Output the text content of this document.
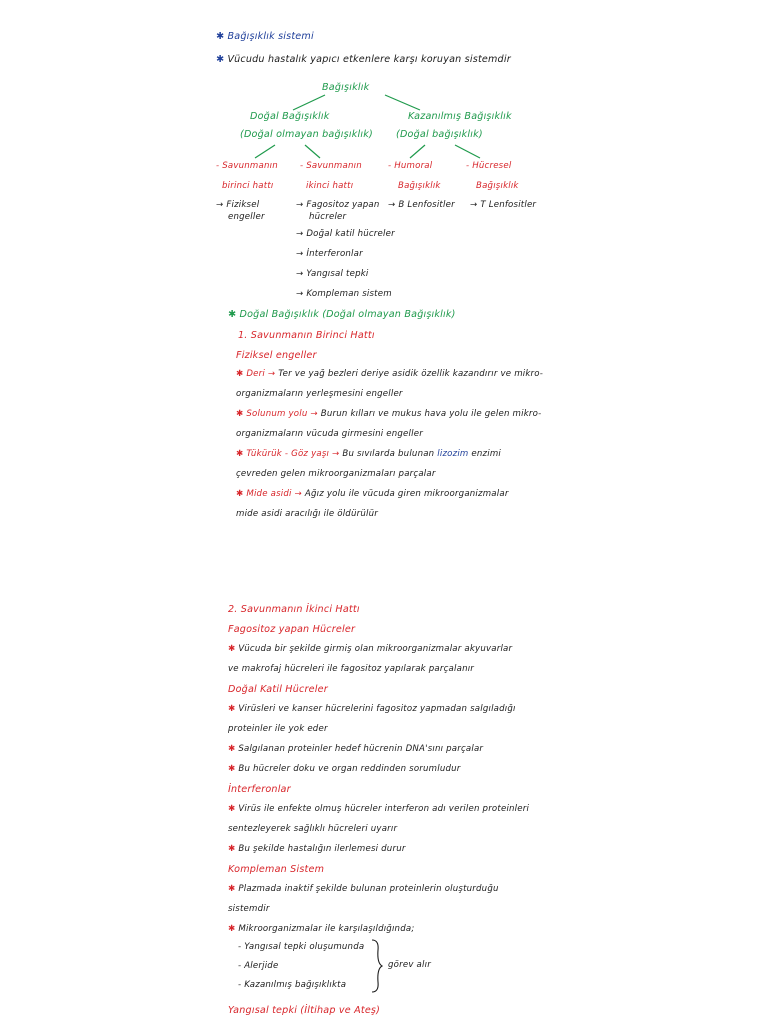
✱ Bağışıklık sistemi
✱ Vücudu hastalık yapıcı etkenlere karşı koruyan sistemdir
Bağışıklık
Doğal Bağışıklık
(Doğal olmayan bağışıklık)
Kazanılmış Bağışıklık
(Doğal bağışıklık)
- Savunmanın
birinci hattı
- Savunmanın
ikinci hattı
- Humoral
Bağışıklık
- Hücresel
Bağışıklık
→ Fiziksel
engeller
→ Fagositoz yapan
hücreler
→ B Lenfositler → T Lenfositler
→ Doğal katil hücreler
→ İnterferonlar
→ Yangısal tepki
→ Kompleman sistem
✱ Doğal Bağışıklık (Doğal olmayan Bağışıklık)
1. Savunmanın Birinci Hattı
Fiziksel engeller
✱ Deri → Ter ve yağ bezleri deriye asidik özellik kazandırır ve mikro-
organizmaların yerleşmesini engeller
✱ Solunum yolu → Burun kılları ve mukus hava yolu ile gelen mikro-
organizmaların vücuda girmesini engeller
✱ Tükürük - Göz yaşı → Bu sıvılarda bulunan lizozim enzimi
çevreden gelen mikroorganizmaları parçalar
✱ Mide asidi → Ağız yolu ile vücuda giren mikroorganizmalar
mide asidi aracılığı ile öldürülür
2. Savunmanın İkinci Hattı
Fagositoz yapan Hücreler
✱ Vücuda bir şekilde girmiş olan mikroorganizmalar akyuvarlar
ve makrofaj hücreleri ile fagositoz yapılarak parçalanır
Doğal Katil Hücreler
✱ Virüsleri ve kanser hücrelerini fagositoz yapmadan salgıladığı
proteinler ile yok eder
✱ Salgılanan proteinler hedef hücrenin DNA'sını parçalar
✱ Bu hücreler doku ve organ reddinden sorumludur
İnterferonlar
✱ Virüs ile enfekte olmuş hücreler interferon adı verilen proteinleri
sentezleyerek sağlıklı hücreleri uyarır
✱ Bu şekilde hastalığın ilerlemesi durur
Kompleman Sistem
✱ Plazmada inaktif şekilde bulunan proteinlerin oluşturduğu
sistemdir
✱ Mikroorganizmalar ile karşılaşıldığında;
- Yangısal tepki oluşumunda
- Alerjide
- Kazanılmış bağışıklıkta
görev alır
Yangısal tepki (İltihap ve Ateş)
